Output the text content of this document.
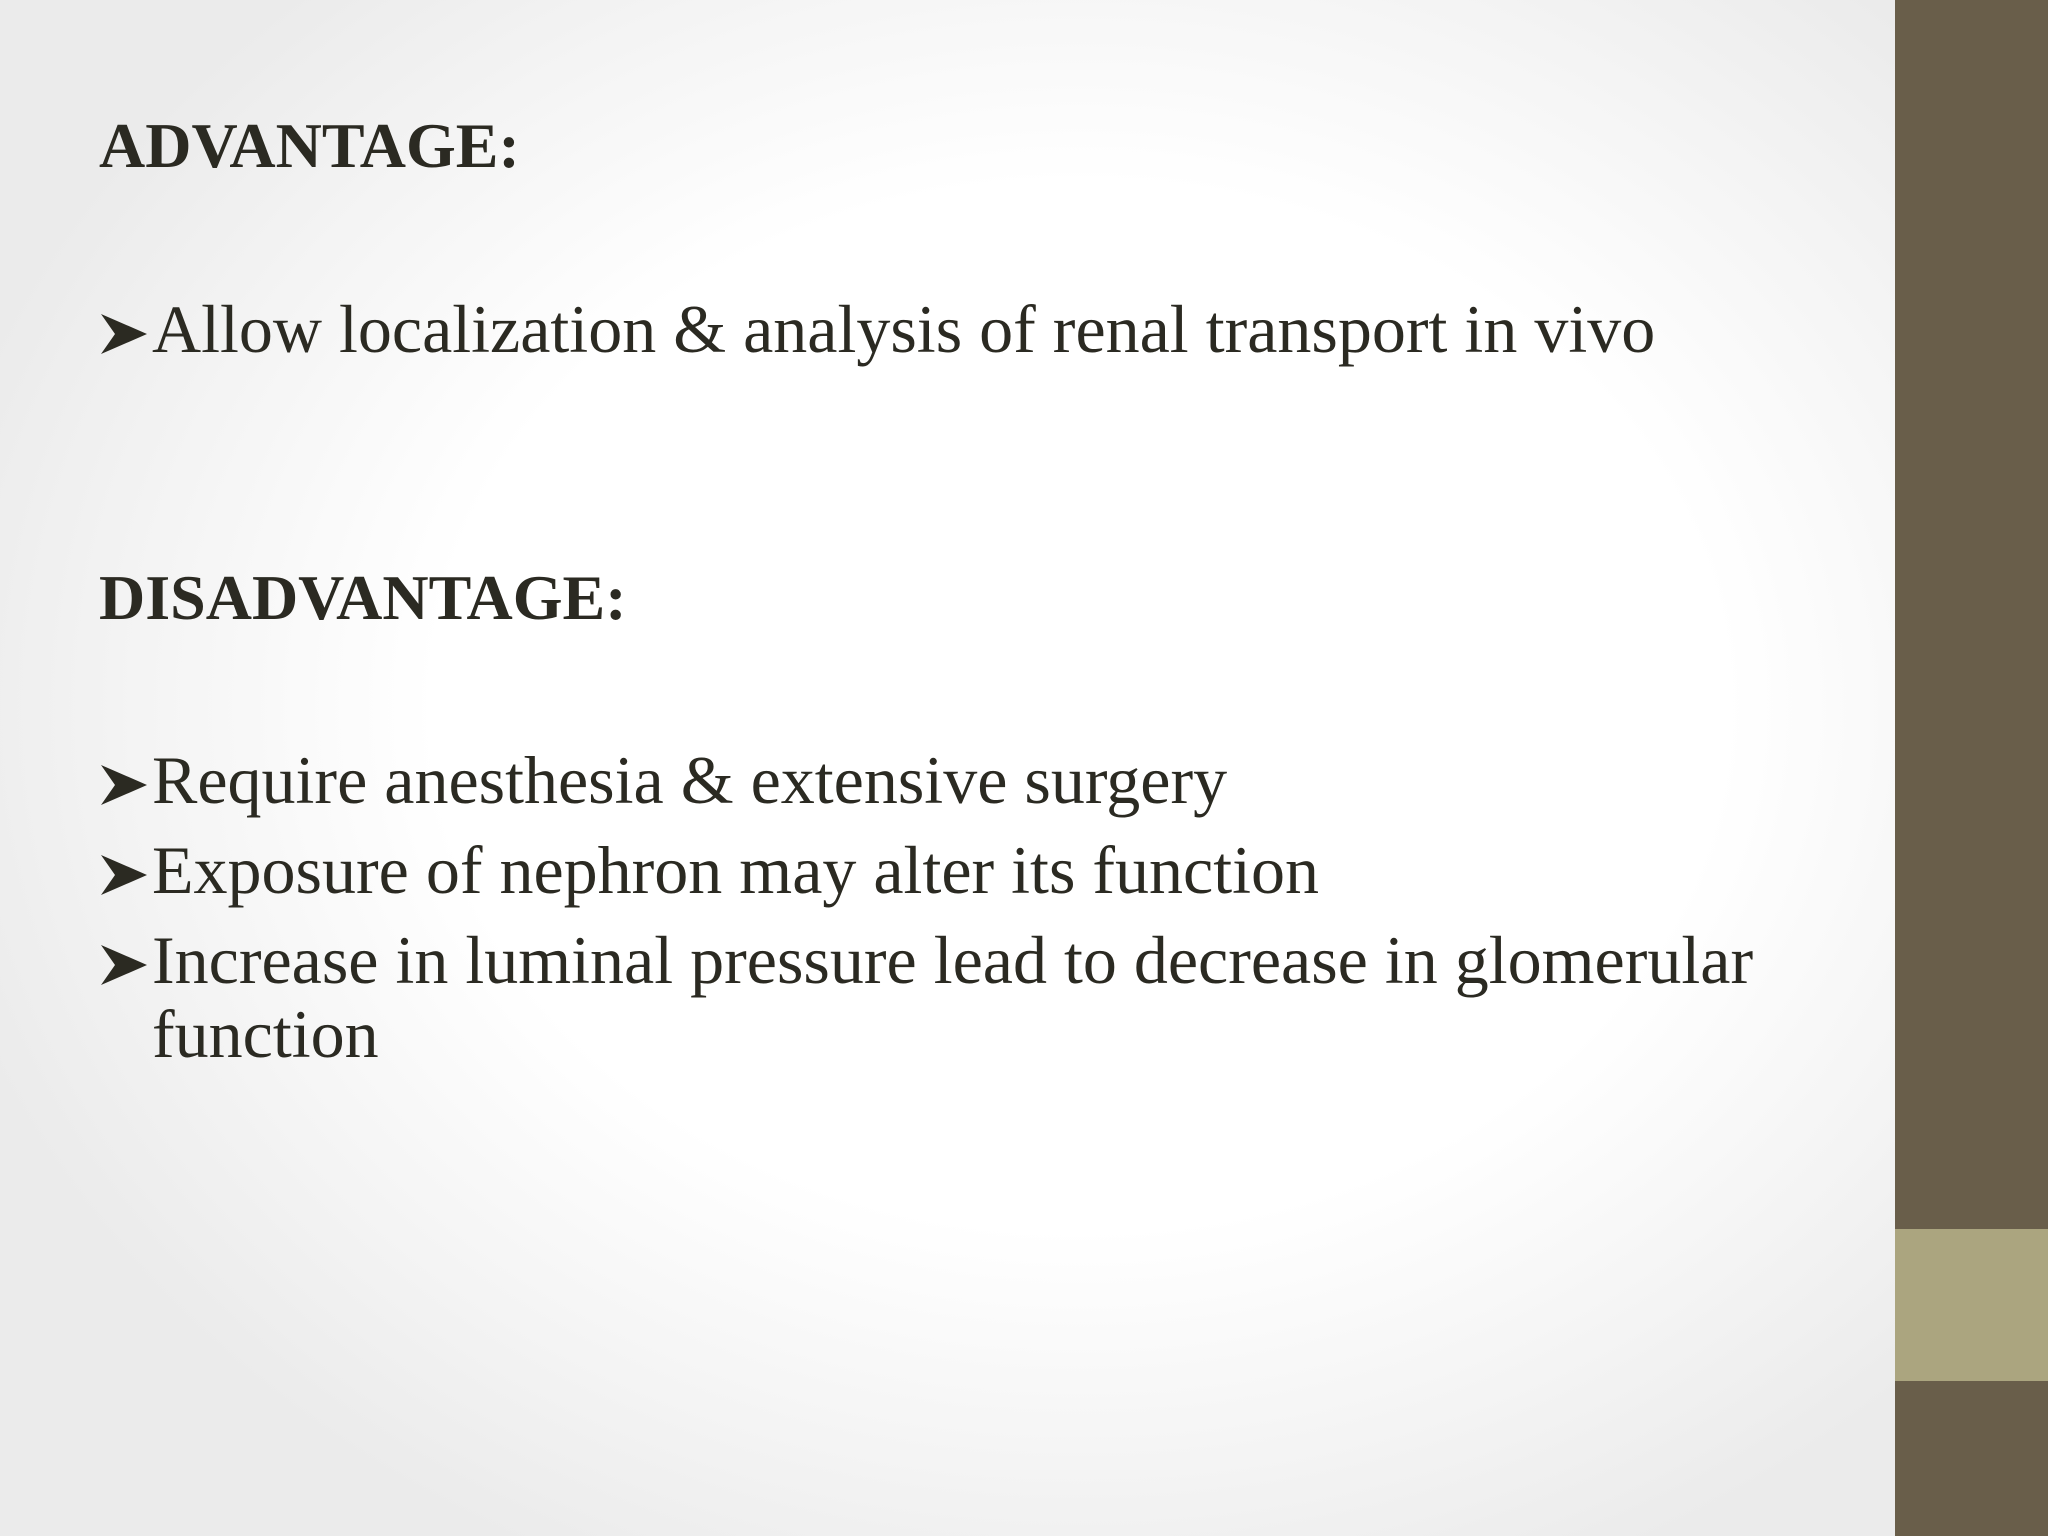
ADVANTAGE:
Allow localization & analysis of renal transport in vivo
DISADVANTAGE:
Require anesthesia & extensive surgery
Exposure of nephron may alter its function
Increase in luminal pressure lead to decrease in glomerular function
